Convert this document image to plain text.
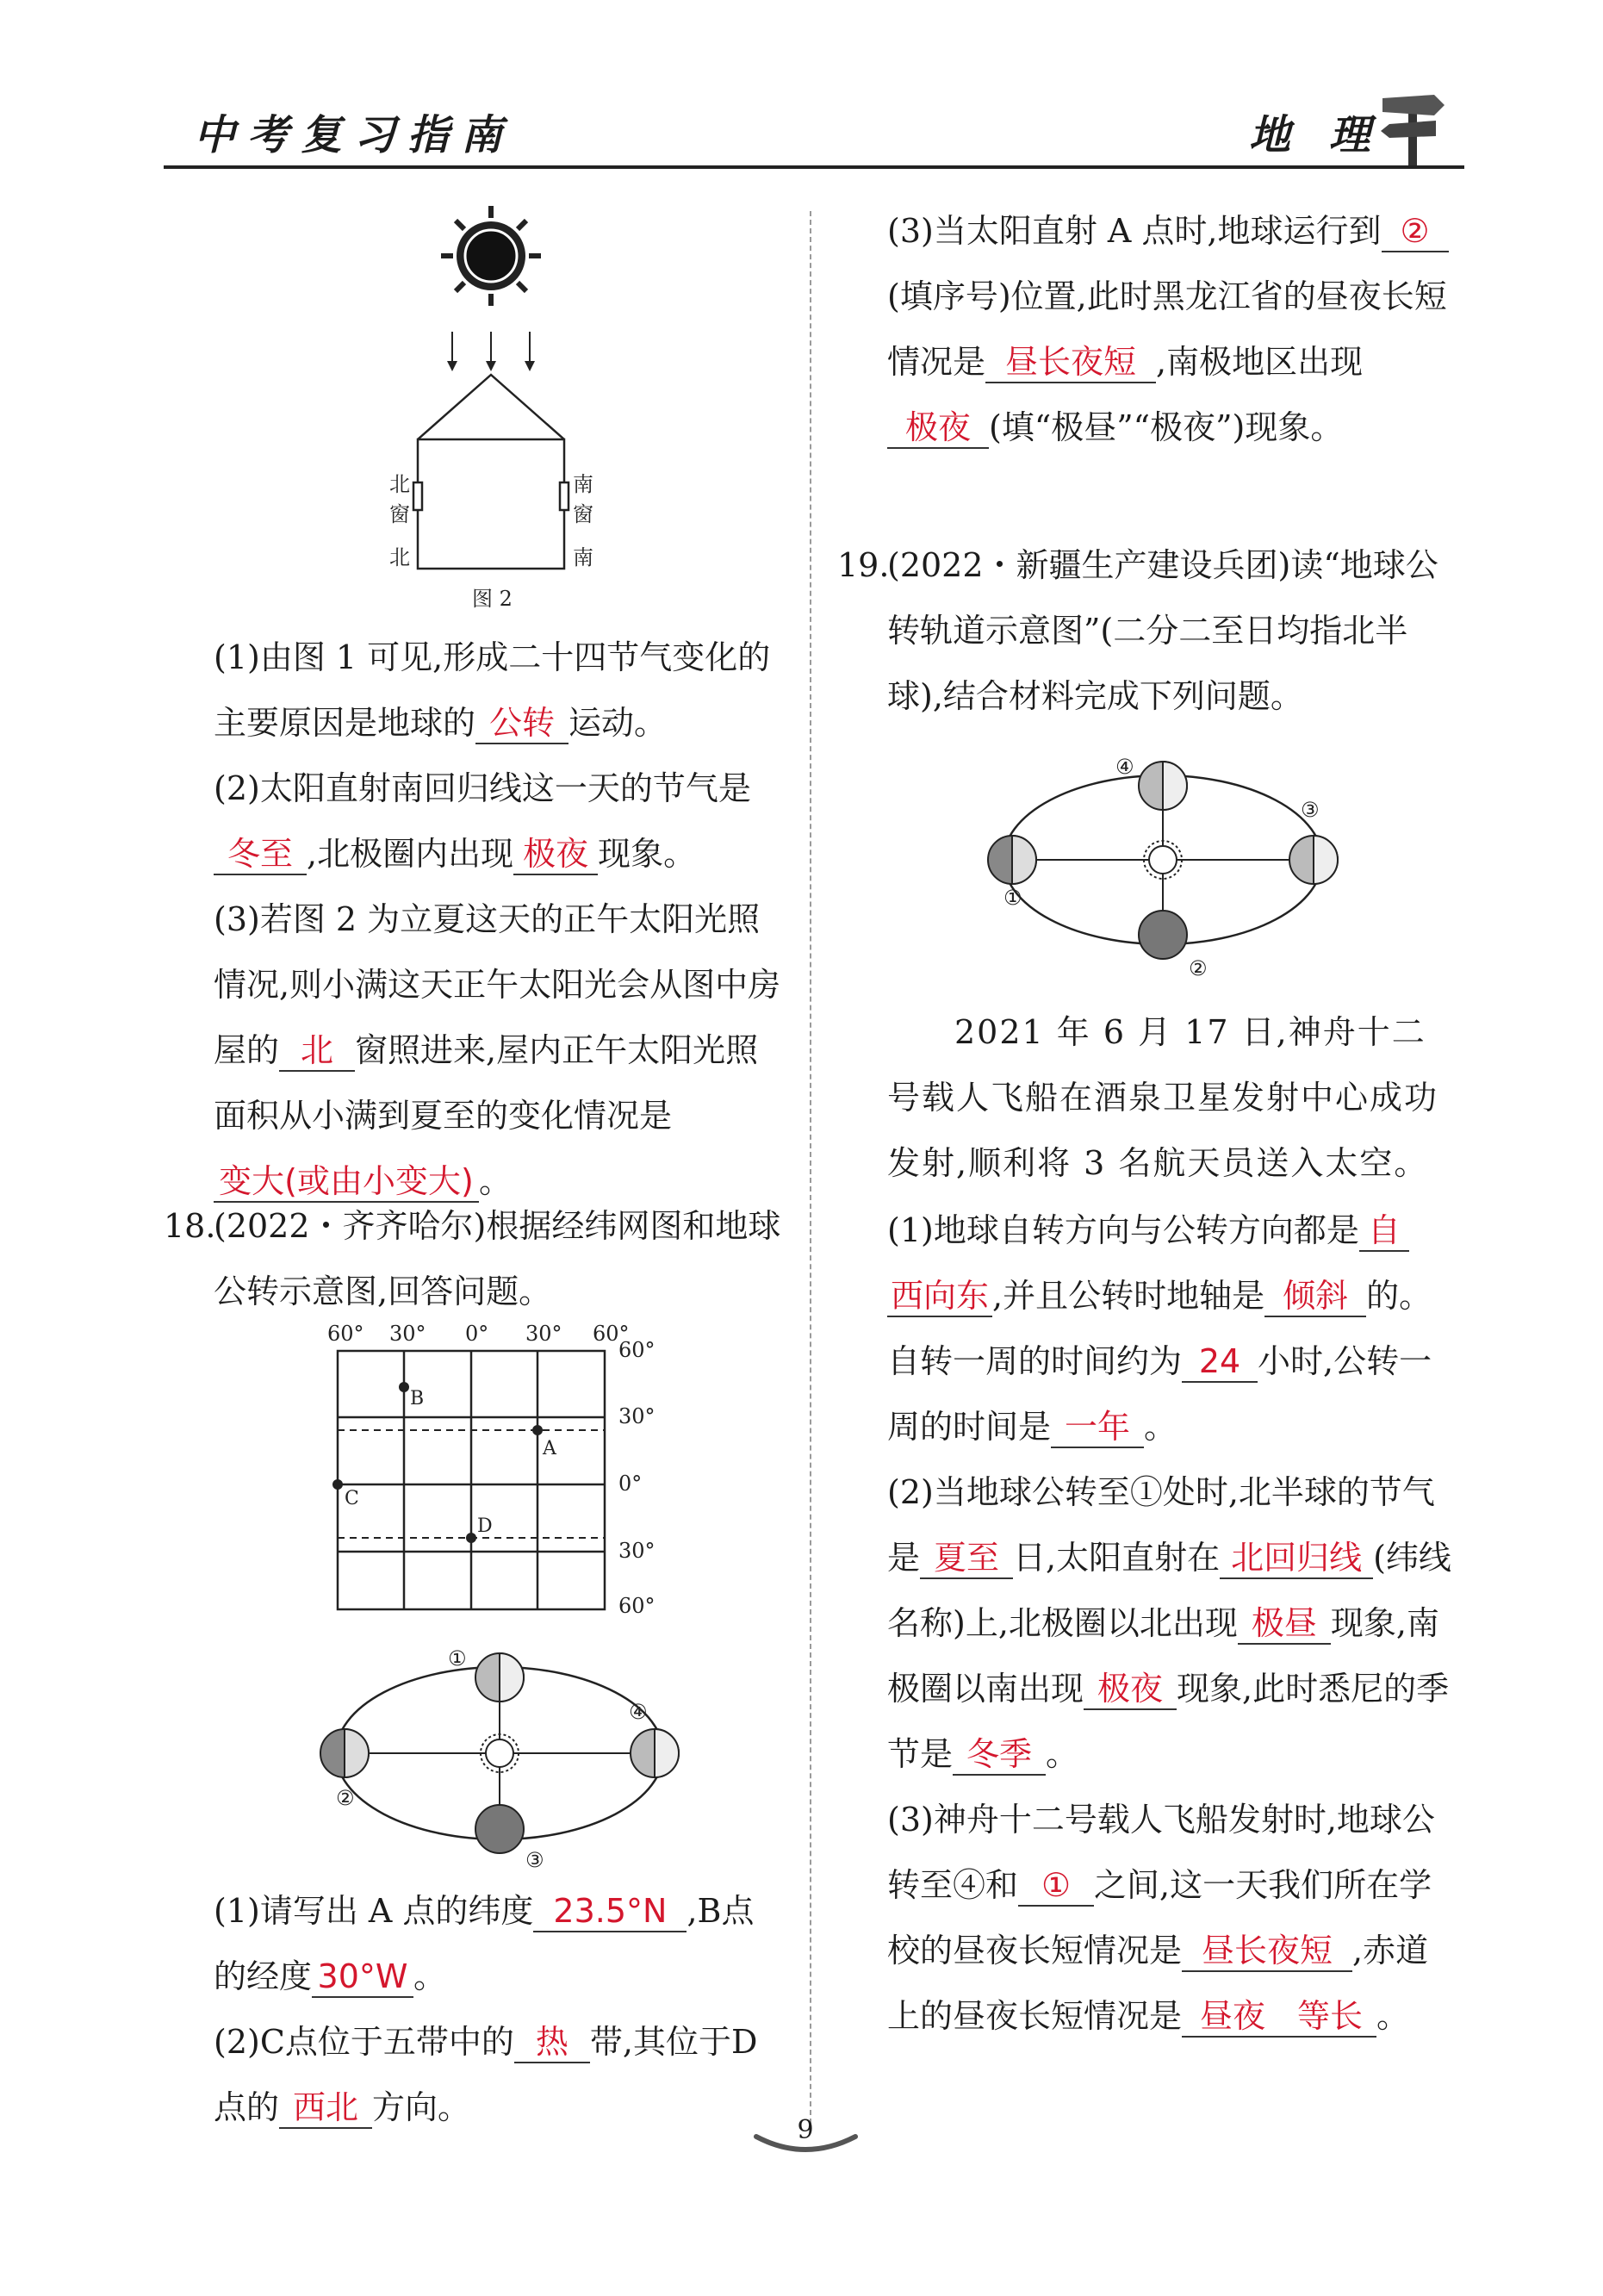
中考复习指南	地 理
北
窗
北
南
窗
南
图 2

(1)由图 1 可见,形成二十四节气变化的主要原因是地球的 公转 运动。

(2)太阳直射南回归线这一天的节气是冬至 ,北极圈内出现 极夜 现象。

(3)若图 2 为立夏这天的正午太阳光照情况,则小满这天正午太阳光会从图中房屋的 北 窗照进来,屋内正午太阳光照面积从小满到夏至的变化情况是变大(或由小变大) 。

18.(2022・齐齐哈尔)根据经纬网图和地球公转示意图,回答问题。

60° 30° 0° 30° 60°
60°
30°
0°
30°
60°
A
B
C
D
①
②
③
④

(1)请写出 A 点的纬度 23.5°N ,B点的经度 30°W 。

(2)C点位于五带中的 热 带,其位于D点的 西北 方向。

(3)当太阳直射 A 点时,地球运行到 ②(填序号)位置,此时黑龙江省的昼夜长短情况是 昼长夜短 ,南极地区出现极夜 (填“极昼”“极夜”)现象。

19.(2022・新疆生产建设兵团)读“地球公转轨道示意图”(二分二至日均指北半球),结合材料完成下列问题。

①
②
③
④

2021 年 6 月 17 日,神舟十二号载人飞船在酒泉卫星发射中心成功发射,顺利将 3 名航天员送入太空。

(1)地球自转方向与公转方向都是 自西向东 ,并且公转时地轴是 倾斜 的。自转一周的时间约为 24 小时,公转一周的时间是 一年 。

(2)当地球公转至①处时,北半球的节气是 夏至 日,太阳直射在 北回归线 (纬线名称)上,北极圈以北出现 极昼 现象,南极圈以南出现 极夜 现象,此时悉尼的季节是 冬季 。

(3)神舟十二号载人飞船发射时,地球公转至④和 ① 之间,这一天我们所在学校的昼夜长短情况是 昼长夜短 ,赤道上的昼夜长短情况是 昼夜 等长 。

9
